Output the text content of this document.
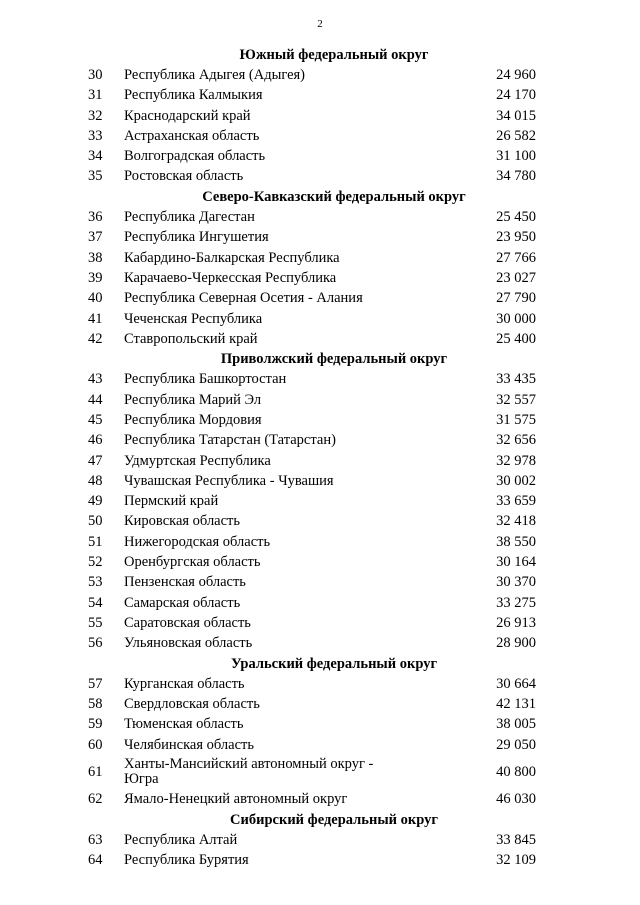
2
Южный федеральный округ
30	Республика Адыгея (Адыгея)	24 960
31	Республика Калмыкия	24 170
32	Краснодарский край	34 015
33	Астраханская область	26 582
34	Волгоградская область	31 100
35	Ростовская область	34 780
Северо-Кавказский федеральный округ
36	Республика Дагестан	25 450
37	Республика Ингушетия	23 950
38	Кабардино-Балкарская Республика	27 766
39	Карачаево-Черкесская Республика	23 027
40	Республика Северная Осетия - Алания	27 790
41	Чеченская Республика	30 000
42	Ставропольский край	25 400
Приволжский федеральный округ
43	Республика Башкортостан	33 435
44	Республика Марий Эл	32 557
45	Республика Мордовия	31 575
46	Республика Татарстан (Татарстан)	32 656
47	Удмуртская Республика	32 978
48	Чувашская Республика - Чувашия	30 002
49	Пермский край	33 659
50	Кировская область	32 418
51	Нижегородская область	38 550
52	Оренбургская область	30 164
53	Пензенская область	30 370
54	Самарская область	33 275
55	Саратовская область	26 913
56	Ульяновская область	28 900
Уральский федеральный округ
57	Курганская область	30 664
58	Свердловская область	42 131
59	Тюменская область	38 005
60	Челябинская область	29 050
61	Ханты-Мансийский автономный округ -
Югра	40 800
62	Ямало-Ненецкий автономный округ	46 030
Сибирский федеральный округ
63	Республика Алтай	33 845
64	Республика Бурятия	32 109
